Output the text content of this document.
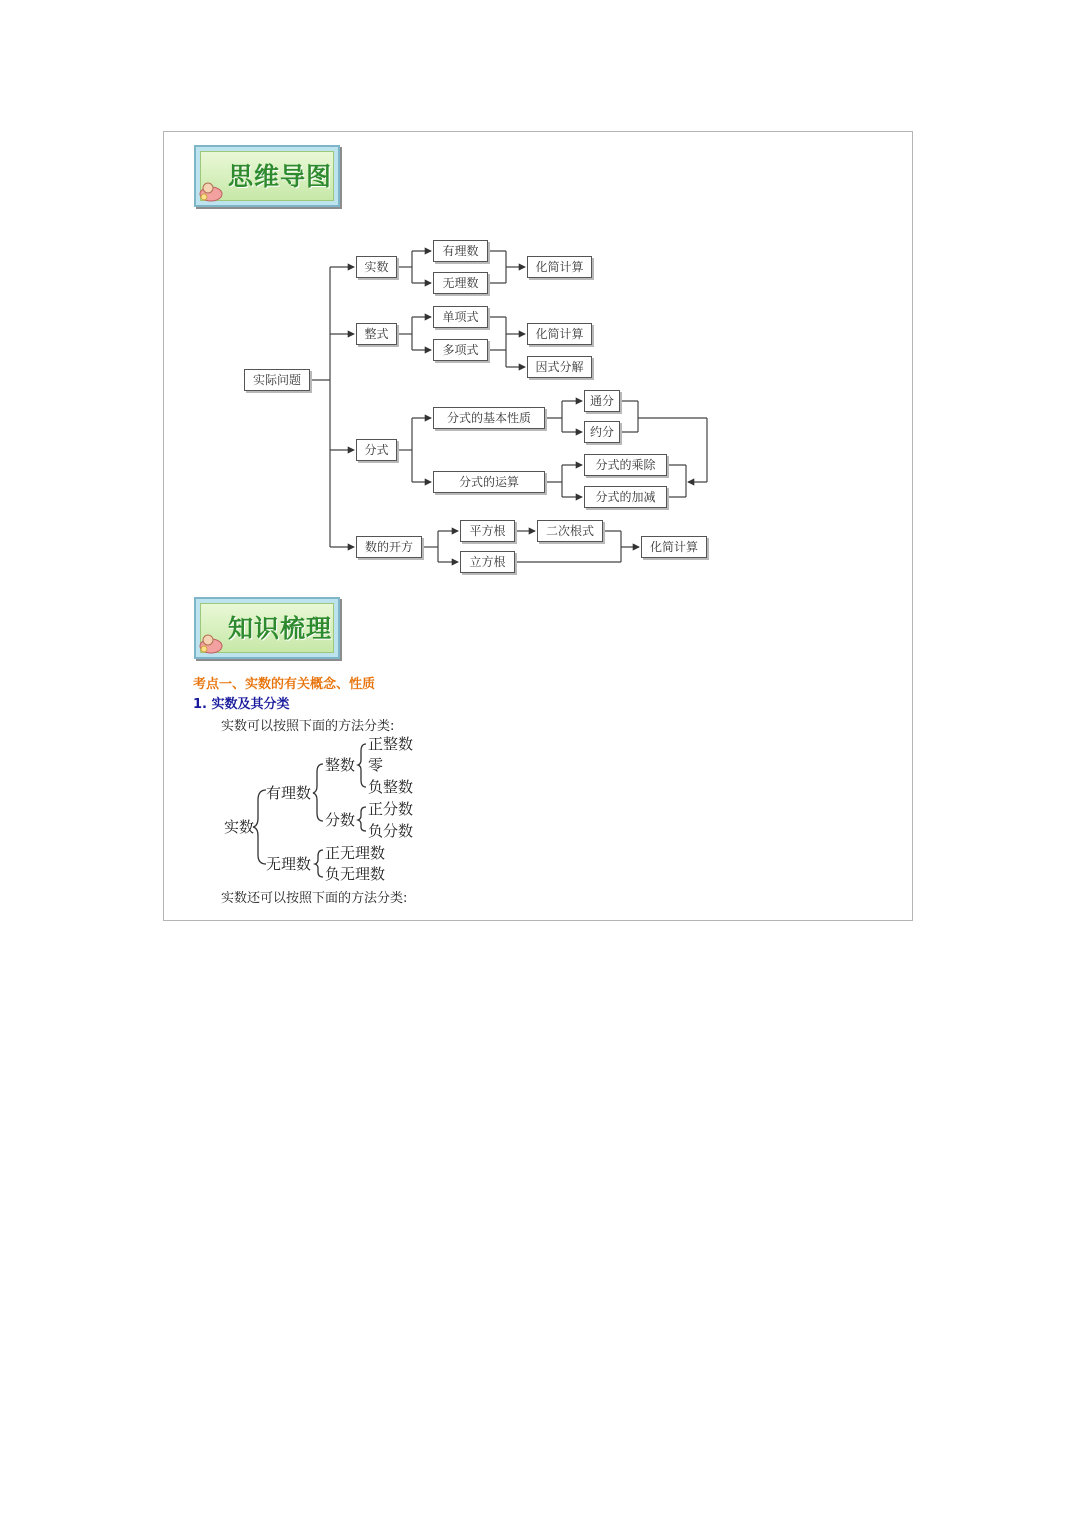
思维导图
实际问题
实数
有理数
无理数
化简计算
整式
单项式
多项式
化简计算
因式分解
分式
分式的基本性质
通分
约分
分式的运算
分式的乘除
分式的加减
数的开方
平方根
立方根
二次根式
化简计算
知识梳理
考点一、实数的有关概念、性质
1. 实数及其分类
实数可以按照下面的方法分类:
实数
有理数
无理数
整数
分数
正整数
零
负整数
正分数
负分数
正无理数
负无理数
实数还可以按照下面的方法分类:
